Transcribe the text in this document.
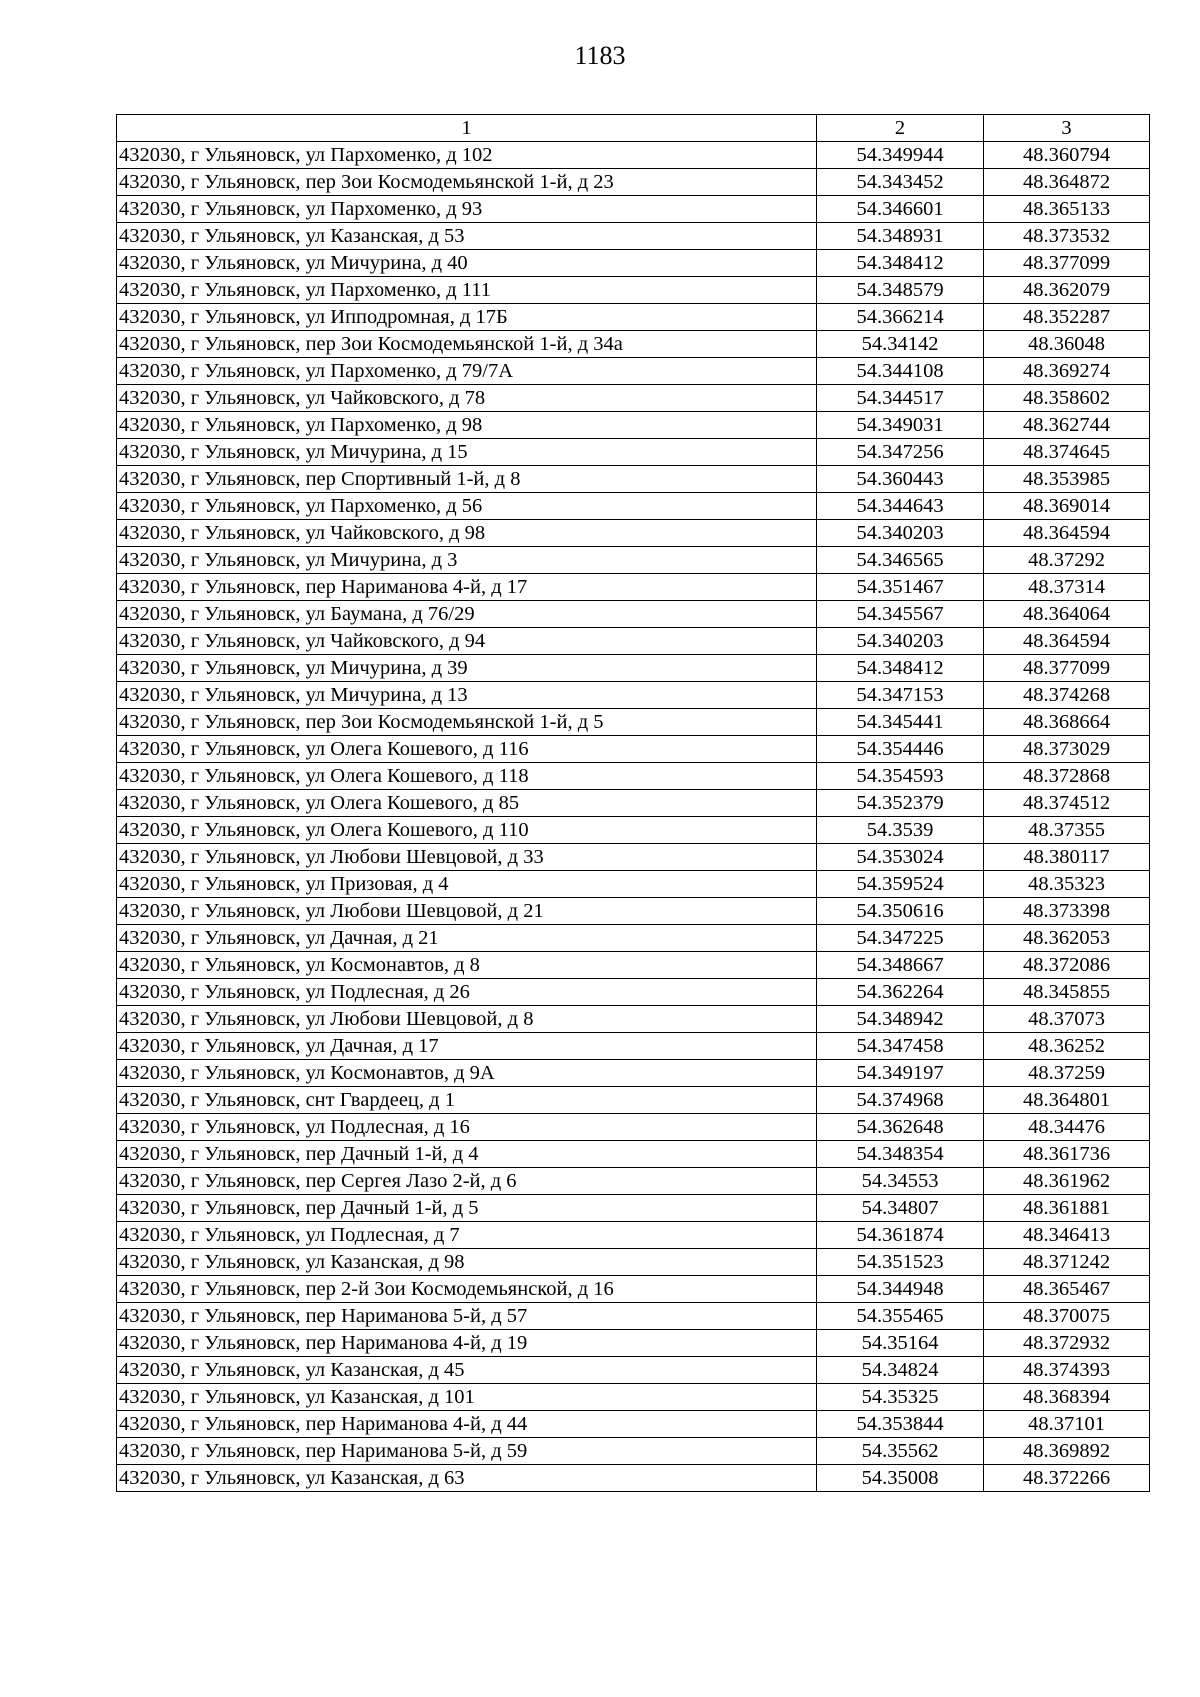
1183
1	2	3
432030, г Ульяновск, ул Пархоменко, д 102	54.349944	48.360794
432030, г Ульяновск, пер Зои Космодемьянской 1-й, д 23	54.343452	48.364872
432030, г Ульяновск, ул Пархоменко, д 93	54.346601	48.365133
432030, г Ульяновск, ул Казанская, д 53	54.348931	48.373532
432030, г Ульяновск, ул Мичурина, д 40	54.348412	48.377099
432030, г Ульяновск, ул Пархоменко, д 111	54.348579	48.362079
432030, г Ульяновск, ул Ипподромная, д 17Б	54.366214	48.352287
432030, г Ульяновск, пер Зои Космодемьянской 1-й, д 34а	54.34142	48.36048
432030, г Ульяновск, ул Пархоменко, д 79/7А	54.344108	48.369274
432030, г Ульяновск, ул Чайковского, д 78	54.344517	48.358602
432030, г Ульяновск, ул Пархоменко, д 98	54.349031	48.362744
432030, г Ульяновск, ул Мичурина, д 15	54.347256	48.374645
432030, г Ульяновск, пер Спортивный 1-й, д 8	54.360443	48.353985
432030, г Ульяновск, ул Пархоменко, д 56	54.344643	48.369014
432030, г Ульяновск, ул Чайковского, д 98	54.340203	48.364594
432030, г Ульяновск, ул Мичурина, д 3	54.346565	48.37292
432030, г Ульяновск, пер Нариманова 4-й, д 17	54.351467	48.37314
432030, г Ульяновск, ул Баумана, д 76/29	54.345567	48.364064
432030, г Ульяновск, ул Чайковского, д 94	54.340203	48.364594
432030, г Ульяновск, ул Мичурина, д 39	54.348412	48.377099
432030, г Ульяновск, ул Мичурина, д 13	54.347153	48.374268
432030, г Ульяновск, пер Зои Космодемьянской 1-й, д 5	54.345441	48.368664
432030, г Ульяновск, ул Олега Кошевого, д 116	54.354446	48.373029
432030, г Ульяновск, ул Олега Кошевого, д 118	54.354593	48.372868
432030, г Ульяновск, ул Олега Кошевого, д 85	54.352379	48.374512
432030, г Ульяновск, ул Олега Кошевого, д 110	54.3539	48.37355
432030, г Ульяновск, ул Любови Шевцовой, д 33	54.353024	48.380117
432030, г Ульяновск, ул Призовая, д 4	54.359524	48.35323
432030, г Ульяновск, ул Любови Шевцовой, д 21	54.350616	48.373398
432030, г Ульяновск, ул Дачная, д 21	54.347225	48.362053
432030, г Ульяновск, ул Космонавтов, д 8	54.348667	48.372086
432030, г Ульяновск, ул Подлесная, д 26	54.362264	48.345855
432030, г Ульяновск, ул Любови Шевцовой, д 8	54.348942	48.37073
432030, г Ульяновск, ул Дачная, д 17	54.347458	48.36252
432030, г Ульяновск, ул Космонавтов, д 9А	54.349197	48.37259
432030, г Ульяновск, снт Гвардеец, д 1	54.374968	48.364801
432030, г Ульяновск, ул Подлесная, д 16	54.362648	48.34476
432030, г Ульяновск, пер Дачный 1-й, д 4	54.348354	48.361736
432030, г Ульяновск, пер Сергея Лазо 2-й, д 6	54.34553	48.361962
432030, г Ульяновск, пер Дачный 1-й, д 5	54.34807	48.361881
432030, г Ульяновск, ул Подлесная, д 7	54.361874	48.346413
432030, г Ульяновск, ул Казанская, д 98	54.351523	48.371242
432030, г Ульяновск, пер 2-й Зои Космодемьянской, д 16	54.344948	48.365467
432030, г Ульяновск, пер Нариманова 5-й, д 57	54.355465	48.370075
432030, г Ульяновск, пер Нариманова 4-й, д 19	54.35164	48.372932
432030, г Ульяновск, ул Казанская, д 45	54.34824	48.374393
432030, г Ульяновск, ул Казанская, д 101	54.35325	48.368394
432030, г Ульяновск, пер Нариманова 4-й, д 44	54.353844	48.37101
432030, г Ульяновск, пер Нариманова 5-й, д 59	54.35562	48.369892
432030, г Ульяновск, ул Казанская, д 63	54.35008	48.372266
